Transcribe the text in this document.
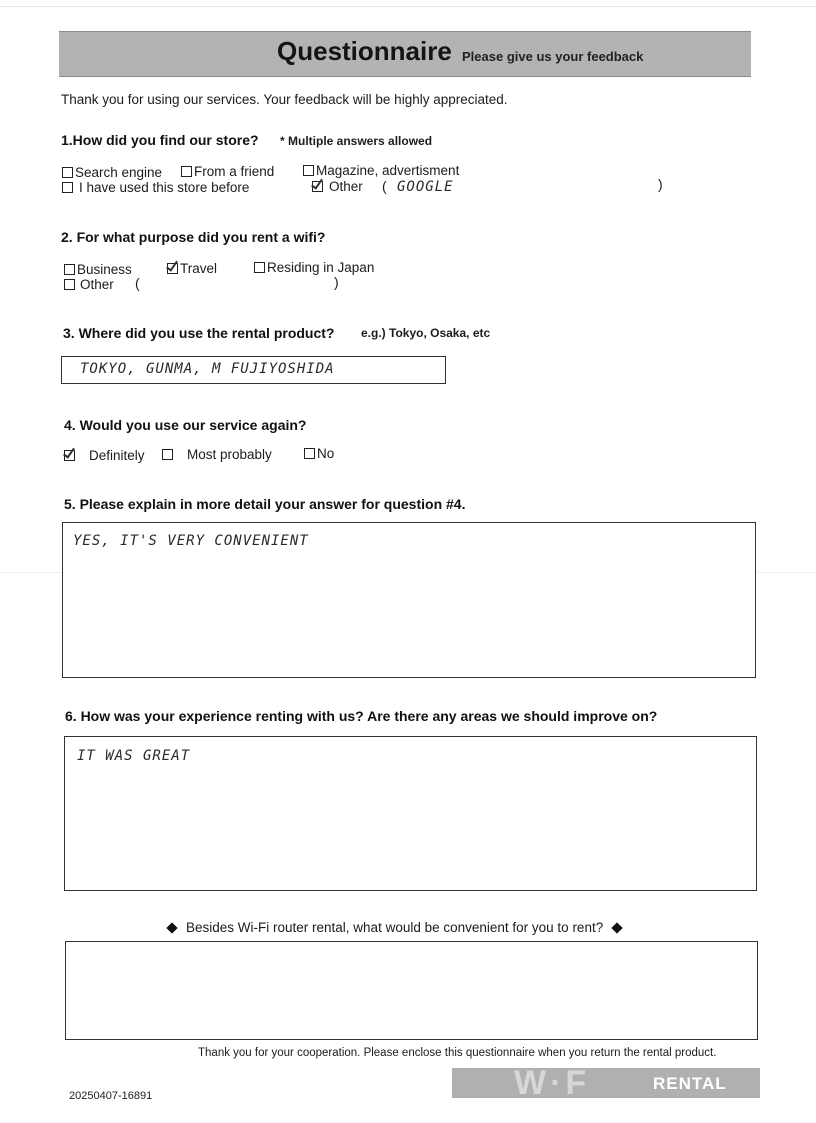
Questionnaire Please give us your feedback
Thank you for using our services. Your feedback will be highly appreciated.
1.How did you find our store? * Multiple answers allowed
Search engine From a friend	Magazine, advertisment
I have used this store before	Other ( GOOGLE	)
2. For what purpose did you rent a wifi?
Business	Travel	Residing in Japan
Other (	)
3. Where did you use the rental product? e.g.) Tokyo, Osaka, etc
TOKYO, GUNMA, M FUJIYOSHIDA
4. Would you use our service again?
Definitely	Most probably	No
5. Please explain in more detail your answer for question #4.
YES, IT'S VERY CONVENIENT
6. How was your experience renting with us? Are there any areas we should improve on?
IT WAS GREAT
Besides Wi-Fi router rental, what would be convenient for you to rent?
Thank you for your cooperation. Please enclose this questionnaire when you return the rental product.
20250407-16891	W·F	RENTAL
